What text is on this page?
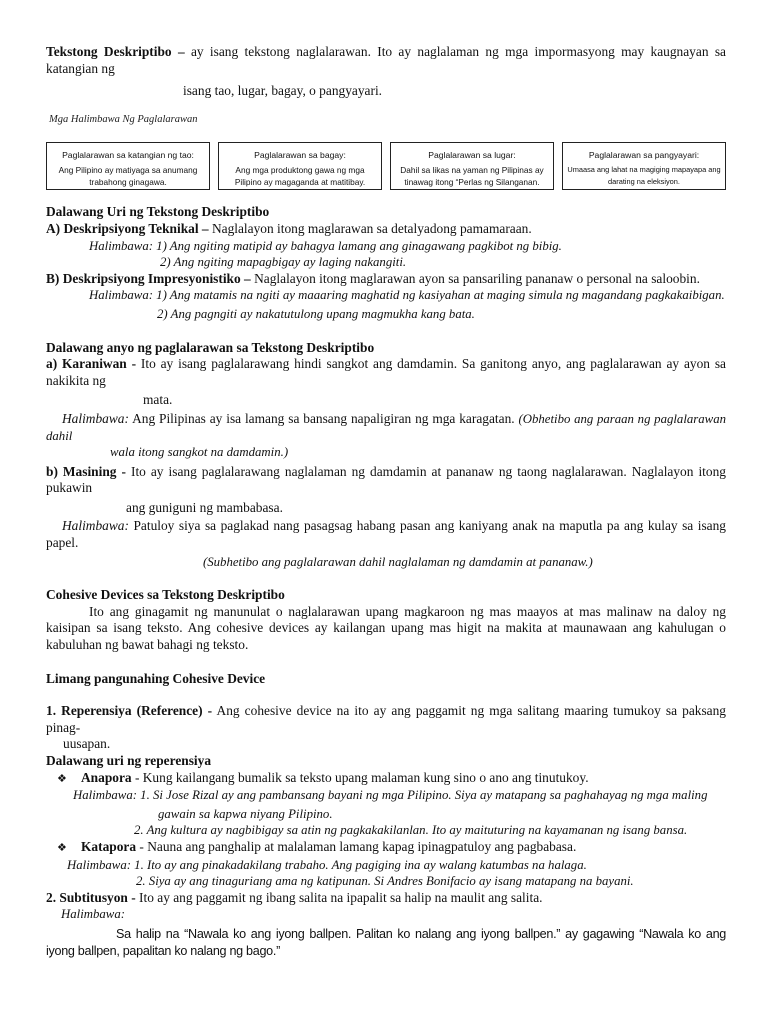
Tekstong Deskriptibo – ay isang tekstong naglalarawan. Ito ay naglalaman ng mga impormasyong may kaugnayan sa katangian ng

isang tao, lugar, bagay, o pangyayari.

Mga Halimbawa Ng Paglalarawan

Paglalarawan sa katangian ng tao:
Ang Pilipino ay matiyaga sa anumang trabahong ginagawa.
Paglalarawan sa bagay:
Ang mga produktong gawa ng mga Pilipino ay magaganda at matitibay.
Paglalarawan sa lugar:
Dahil sa likas na yaman ng Pilipinas ay tinawag itong “Perlas ng Silanganan.
Paglalarawan sa pangyayari:
Umaasa ang lahat na magiging mapayapa ang darating na eleksiyon.

Dalawang Uri ng Tekstong Deskriptibo

A) Deskripsiyong Teknikal – Naglalayon itong maglarawan sa detalyadong pamamaraan.

Halimbawa: 1) Ang ngiting matipid ay bahagya lamang ang ginagawang pagkibot ng bibig.

2) Ang ngiting mapagbigay ay laging nakangiti.

B) Deskripsiyong Impresyonistiko – Naglalayon itong maglarawan ayon sa pansariling pananaw o personal na saloobin.

Halimbawa: 1) Ang matamis na ngiti ay maaaring maghatid ng kasiyahan at maging simula ng magandang pagkakaibigan.

2) Ang pagngiti ay nakatutulong upang magmukha kang bata.

Dalawang anyo ng paglalarawan sa Tekstong Deskriptibo

a) Karaniwan - Ito ay isang paglalarawang hindi sangkot ang damdamin. Sa ganitong anyo, ang paglalarawan ay ayon sa nakikita ng

mata.

Halimbawa: Ang Pilipinas ay isa lamang sa bansang napaligiran ng mga karagatan. (Obhetibo ang paraan ng paglalarawan dahil

wala itong sangkot na damdamin.)

b) Masining - Ito ay isang paglalarawang naglalaman ng damdamin at pananaw ng taong naglalarawan. Naglalayon itong pukawin

ang guniguni ng mambabasa.

Halimbawa: Patuloy siya sa paglakad nang pasagsag habang pasan ang kaniyang anak na maputla pa ang kulay sa isang papel.

(Subhetibo ang paglalarawan dahil naglalaman ng damdamin at pananaw.)

Cohesive Devices sa Tekstong Deskriptibo

Ito ang ginagamit ng manunulat o naglalarawan upang magkaroon ng mas maayos at mas malinaw na daloy ng kaisipan sa isang teksto. Ang cohesive devices ay kailangan upang mas higit na makita at maunawaan ang kahulugan o kabuluhan ng bawat bahagi ng teksto.

Limang pangunahing Cohesive Device

1. Reperensiya (Reference) - Ang cohesive device na ito ay ang paggamit ng mga salitang maaring tumukoy sa paksang pinag-

uusapan.

Dalawang uri ng reperensiya

❖ Anapora - Kung kailangang bumalik sa teksto upang malaman kung sino o ano ang tinutukoy.

Halimbawa: 1. Si Jose Rizal ay ang pambansang bayani ng mga Pilipino. Siya ay matapang sa paghahayag ng mga maling

gawain sa kapwa niyang Pilipino.

2. Ang kultura ay nagbibigay sa atin ng pagkakakilanlan. Ito ay maituturing na kayamanan ng isang bansa.

❖ Katapora - Nauna ang panghalip at malalaman lamang kapag ipinagpatuloy ang pagbabasa.

Halimbawa: 1. Ito ay ang pinakadakilang trabaho. Ang pagiging ina ay walang katumbas na halaga.

2. Siya ay ang tinaguriang ama ng katipunan. Si Andres Bonifacio ay isang matapang na bayani.

2. Subtitusyon - Ito ay ang paggamit ng ibang salita na ipapalit sa halip na maulit ang salita.

Halimbawa:

Sa halip na “Nawala ko ang iyong ballpen. Palitan ko nalang ang iyong ballpen.” ay gagawing “Nawala ko ang iyong ballpen, papalitan ko nalang ng bago.”
